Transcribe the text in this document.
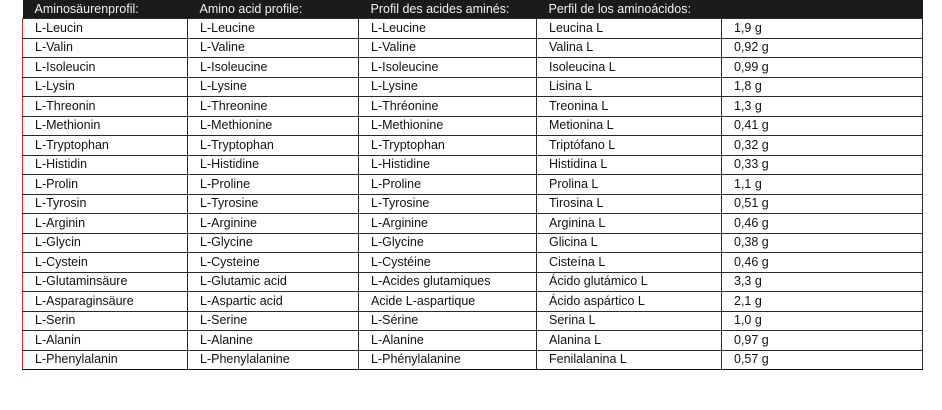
Aminosäurenprofil:	Amino acid profile:	Profil des acides aminés:	Perfil de los aminoácidos:	
L-Leucin	L-Leucine	L-Leucine	Leucina L	1,9 g
L-Valin	L-Valine	L-Valine	Valina L	0,92 g
L-Isoleucin	L-Isoleucine	L-Isoleucine	Isoleucina L	0,99 g
L-Lysin	L-Lysine	L-Lysine	Lisina L	1,8 g
L-Threonin	L-Threonine	L-Thréonine	Treonina L	1,3 g
L-Methionin	L-Methionine	L-Methionine	Metionina L	0,41 g
L-Tryptophan	L-Tryptophan	L-Tryptophan	Triptófano L	0,32 g
L-Histidin	L-Histidine	L-Histidine	Histidina L	0,33 g
L-Prolin	L-Proline	L-Proline	Prolina L	1,1 g
L-Tyrosin	L-Tyrosine	L-Tyrosine	Tirosina L	0,51 g
L-Arginin	L-Arginine	L-Arginine	Arginina L	0,46 g
L-Glycin	L-Glycine	L-Glycine	Glicina L	0,38 g
L-Cystein	L-Cysteine	L-Cystéine	Cisteína L	0,46 g
L-Glutaminsäure	L-Glutamic acid	L-Acides glutamiques	Ácido glutámico L	3,3 g
L-Asparaginsäure	L-Aspartic acid	Acide L-aspartique	Ácido aspártico L	2,1 g
L-Serin	L-Serine	L-Sérine	Serina L	1,0 g
L-Alanin	L-Alanine	L-Alanine	Alanina L	0,97 g
L-Phenylalanin	L-Phenylalanine	L-Phénylalanine	Fenilalanina L	0,57 g
